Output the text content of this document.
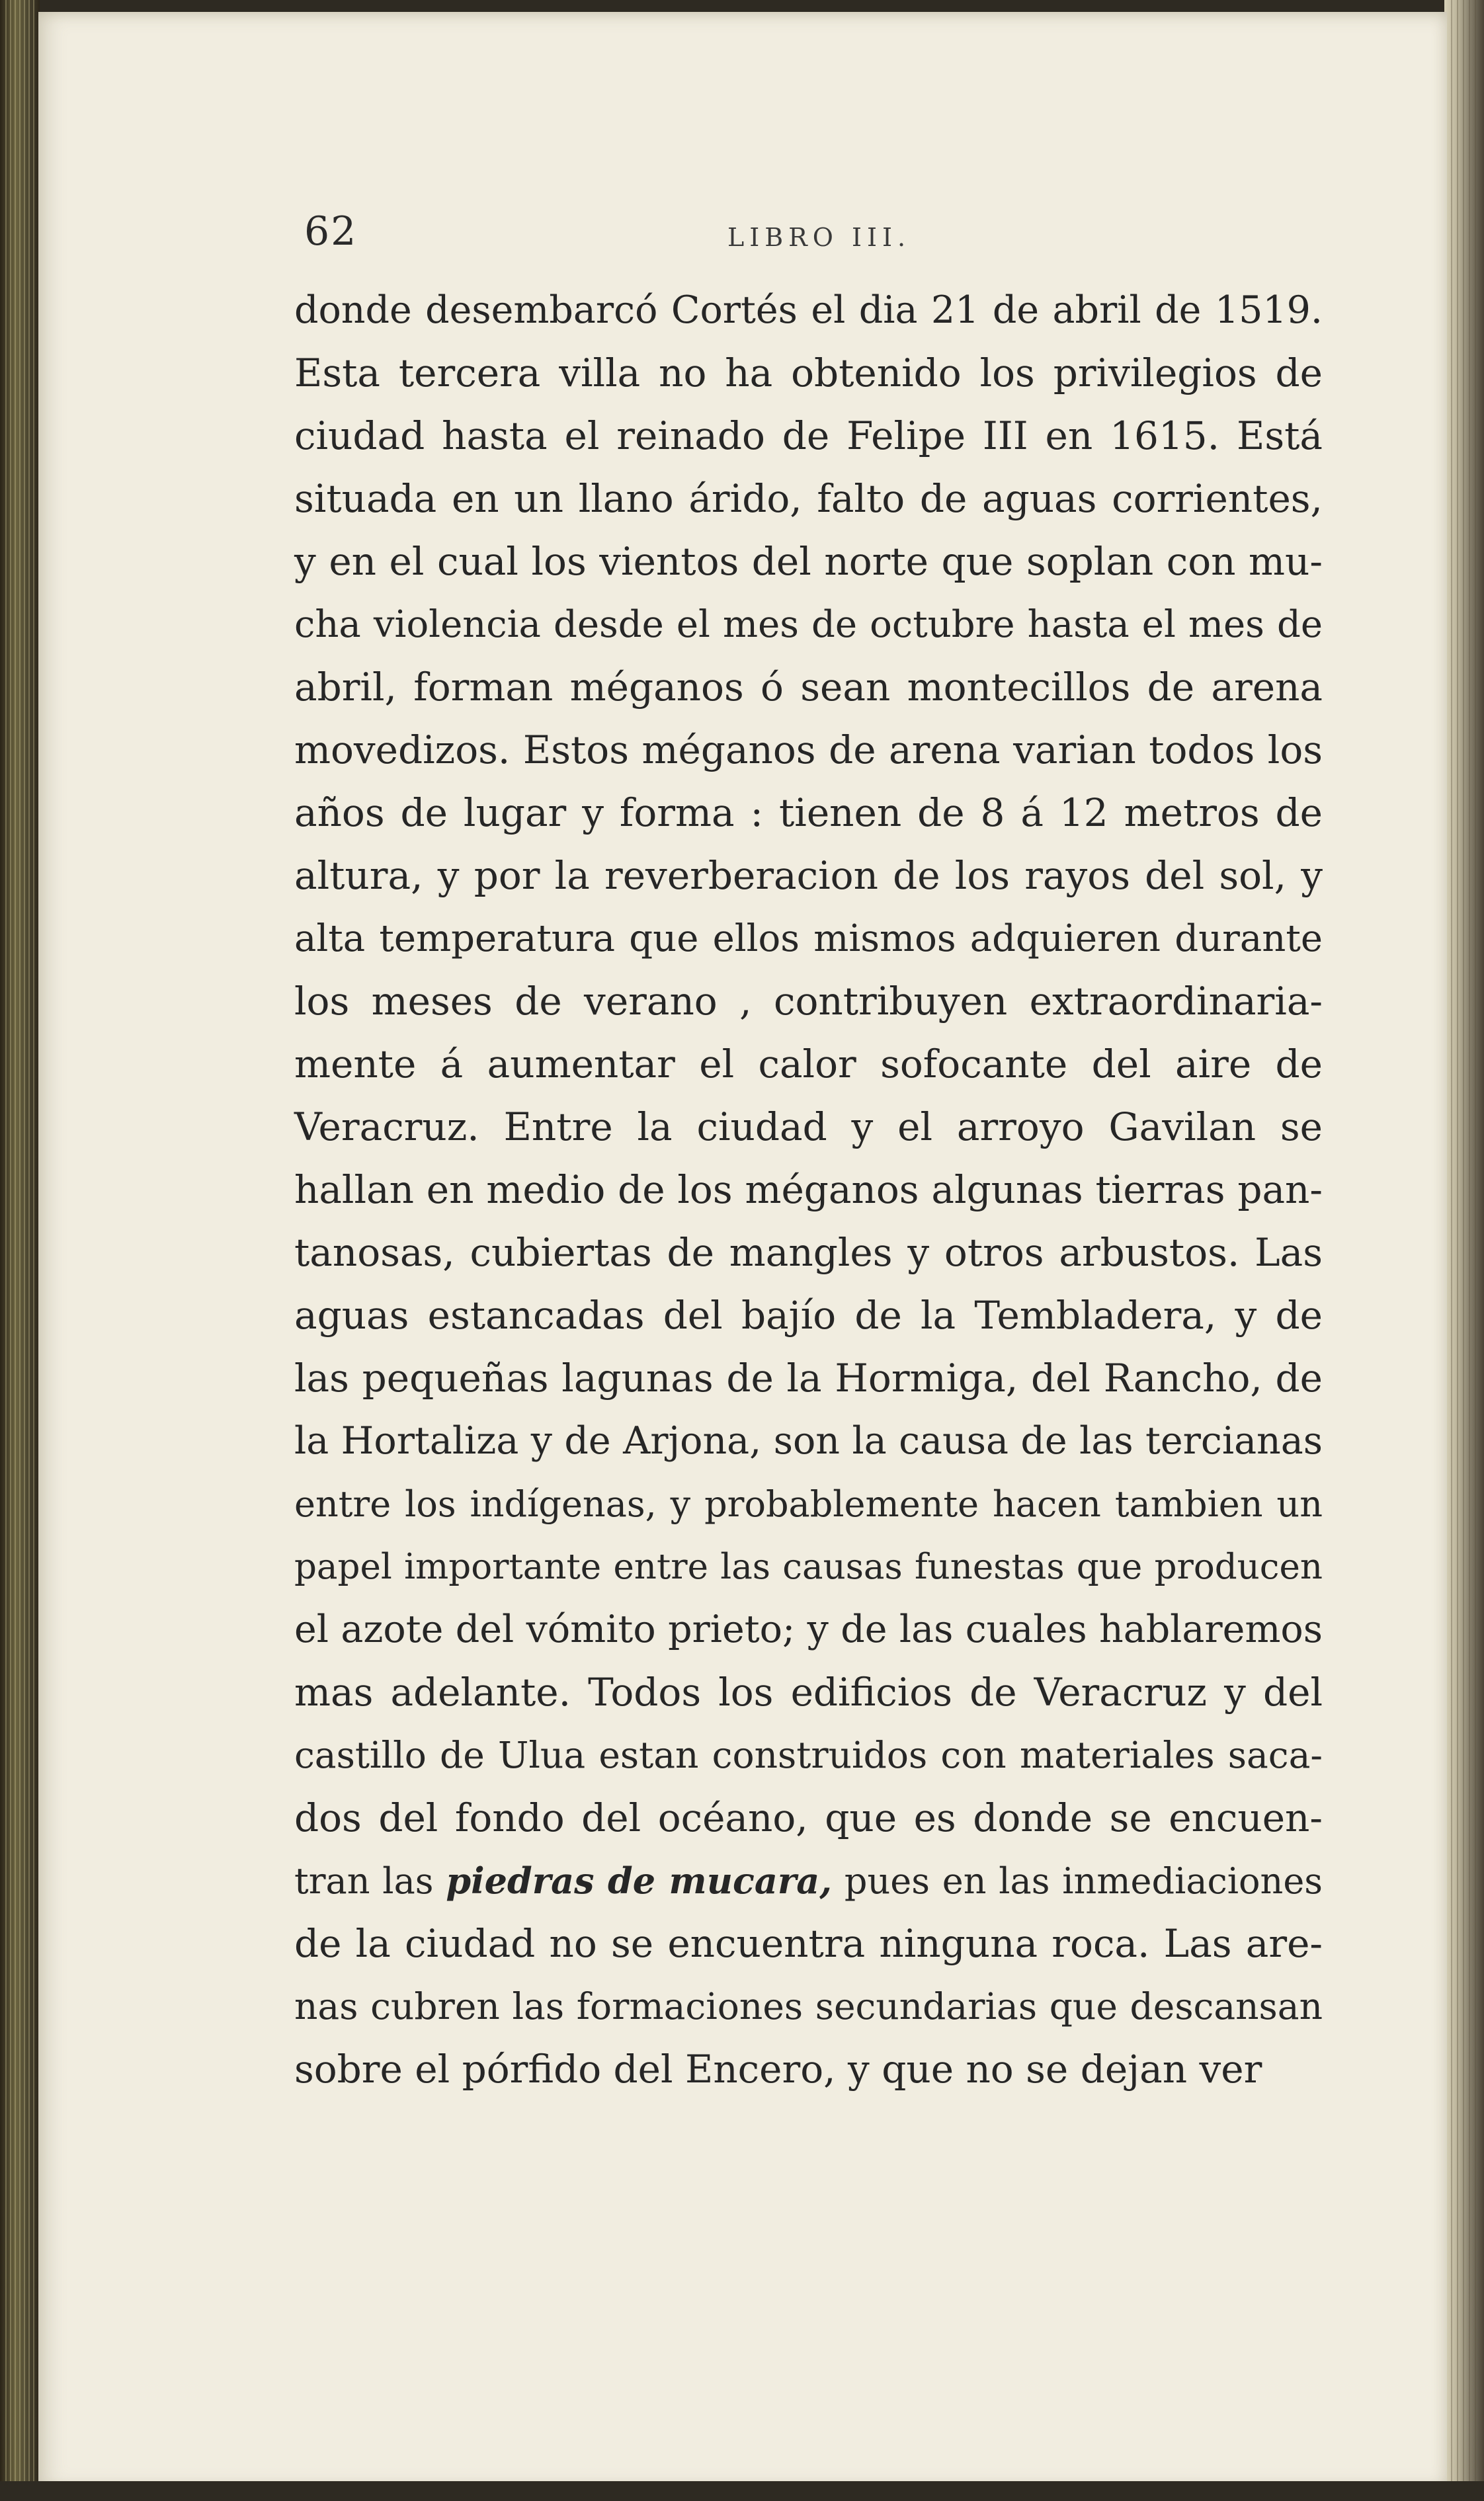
62	LIBRO III.
donde desembarcó Cortés el dia 21 de abril de 1519.
Esta tercera villa no ha obtenido los privilegios de
ciudad hasta el reinado de Felipe III en 1615. Está
situada en un llano árido, falto de aguas corrientes,
y en el cual los vientos del norte que soplan con mu-
cha violencia desde el mes de octubre hasta el mes de
abril, forman méganos ó sean montecillos de arena
movedizos. Estos méganos de arena varian todos los
años de lugar y forma : tienen de 8 á 12 metros de
altura, y por la reverberacion de los rayos del sol, y
alta temperatura que ellos mismos adquieren durante
los meses de verano , contribuyen extraordinaria-
mente á aumentar el calor sofocante del aire de
Veracruz. Entre la ciudad y el arroyo Gavilan se
hallan en medio de los méganos algunas tierras pan-
tanosas, cubiertas de mangles y otros arbustos. Las
aguas estancadas del bajío de la Tembladera, y de
las pequeñas lagunas de la Hormiga, del Rancho, de
la Hortaliza y de Arjona, son la causa de las tercianas
entre los indígenas, y probablemente hacen tambien un
papel importante entre las causas funestas que producen
el azote del vómito prieto; y de las cuales hablaremos
mas adelante. Todos los edificios de Veracruz y del
castillo de Ulua estan construidos con materiales saca-
dos del fondo del océano, que es donde se encuen-
tran las piedras de mucara, pues en las inmediaciones
de la ciudad no se encuentra ninguna roca. Las are-
nas cubren las formaciones secundarias que descansan
sobre el pórfido del Encero, y que no se dejan ver
